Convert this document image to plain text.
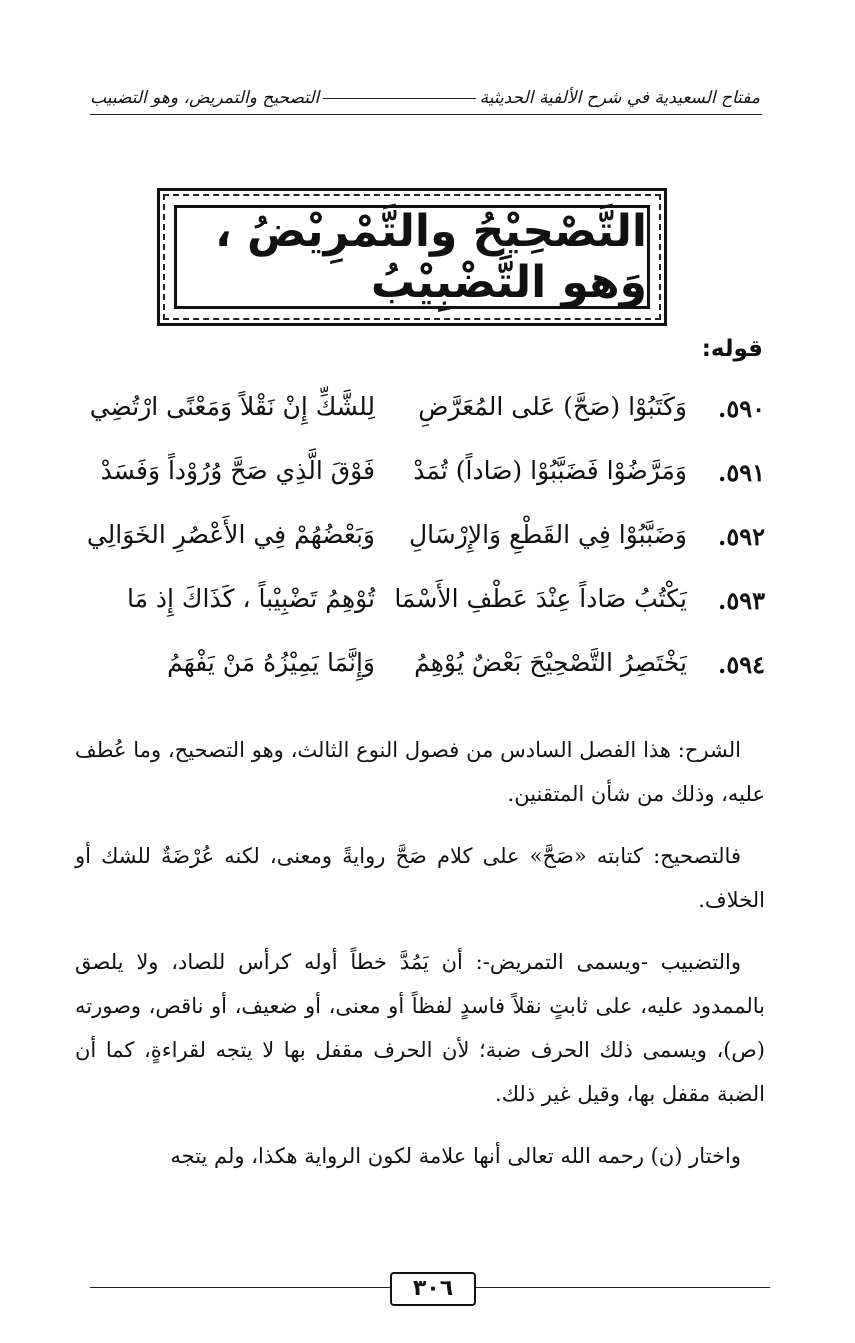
مفتاح السعيدية في شرح الألفية الحديثية
التصحيح والتمريض، وهو التضبيب
التَّصْحِيْحُ والتَّمْرِيْضُ ، وَهو التَّضْبِيْبُ
قوله:
٥٩٠.
وَكَتَبُوْا (صَحَّ) عَلى المُعَرَّضِ
لِلشَّكِّ إِنْ نَقْلاً وَمَعْنًى ارْتُضِي
٥٩١.
وَمَرَّضُوْا فَضَبَّبُوْا (صَاداً) تُمَدْ
فَوْقَ الَّذِي صَحَّ وُرُوْداً وَفَسَدْ
٥٩٢.
وَضَبَّبُوْا فِي القَطْعِ وَالإِرْسَالِ
وَبَعْضُهُمْ فِي الأَعْصُرِ الخَوَالِي
٥٩٣.
يَكْتُبُ صَاداً عِنْدَ عَطْفِ الأَسْمَا
تُوْهِمُ تَضْبِيْباً ، كَذَاكَ إِذ مَا
٥٩٤.
يَخْتَصِرُ التَّصْحِيْحَ بَعْضٌ يُوْهِمُ
وَإِنَّمَا يَمِيْزُهُ مَنْ يَفْهَمُ

الشرح: هذا الفصل السادس من فصول النوع الثالث، وهو التصحيح، وما عُطف عليه، وذلك من شأن المتقنين.

فالتصحيح: كتابته «صَحَّ» على كلام صَحَّ روايةً ومعنى، لكنه عُرْضَةٌ للشك أو الخلاف.

والتضبيب -ويسمى التمريض-: أن يَمُدَّ خطاً أوله كرأس للصاد، ولا يلصق بالممدود عليه، على ثابتٍ نقلاً فاسدٍ لفظاً أو معنى، أو ضعيف، أو ناقص، وصورته (ص)، ويسمى ذلك الحرف ضبة؛ لأن الحرف مقفل بها لا يتجه لقراءةٍ، كما أن الضبة مقفل بها، وقيل غير ذلك.

واختار (ن) رحمه الله تعالى أنها علامة لكون الرواية هكذا، ولم يتجه

٣٠٦
